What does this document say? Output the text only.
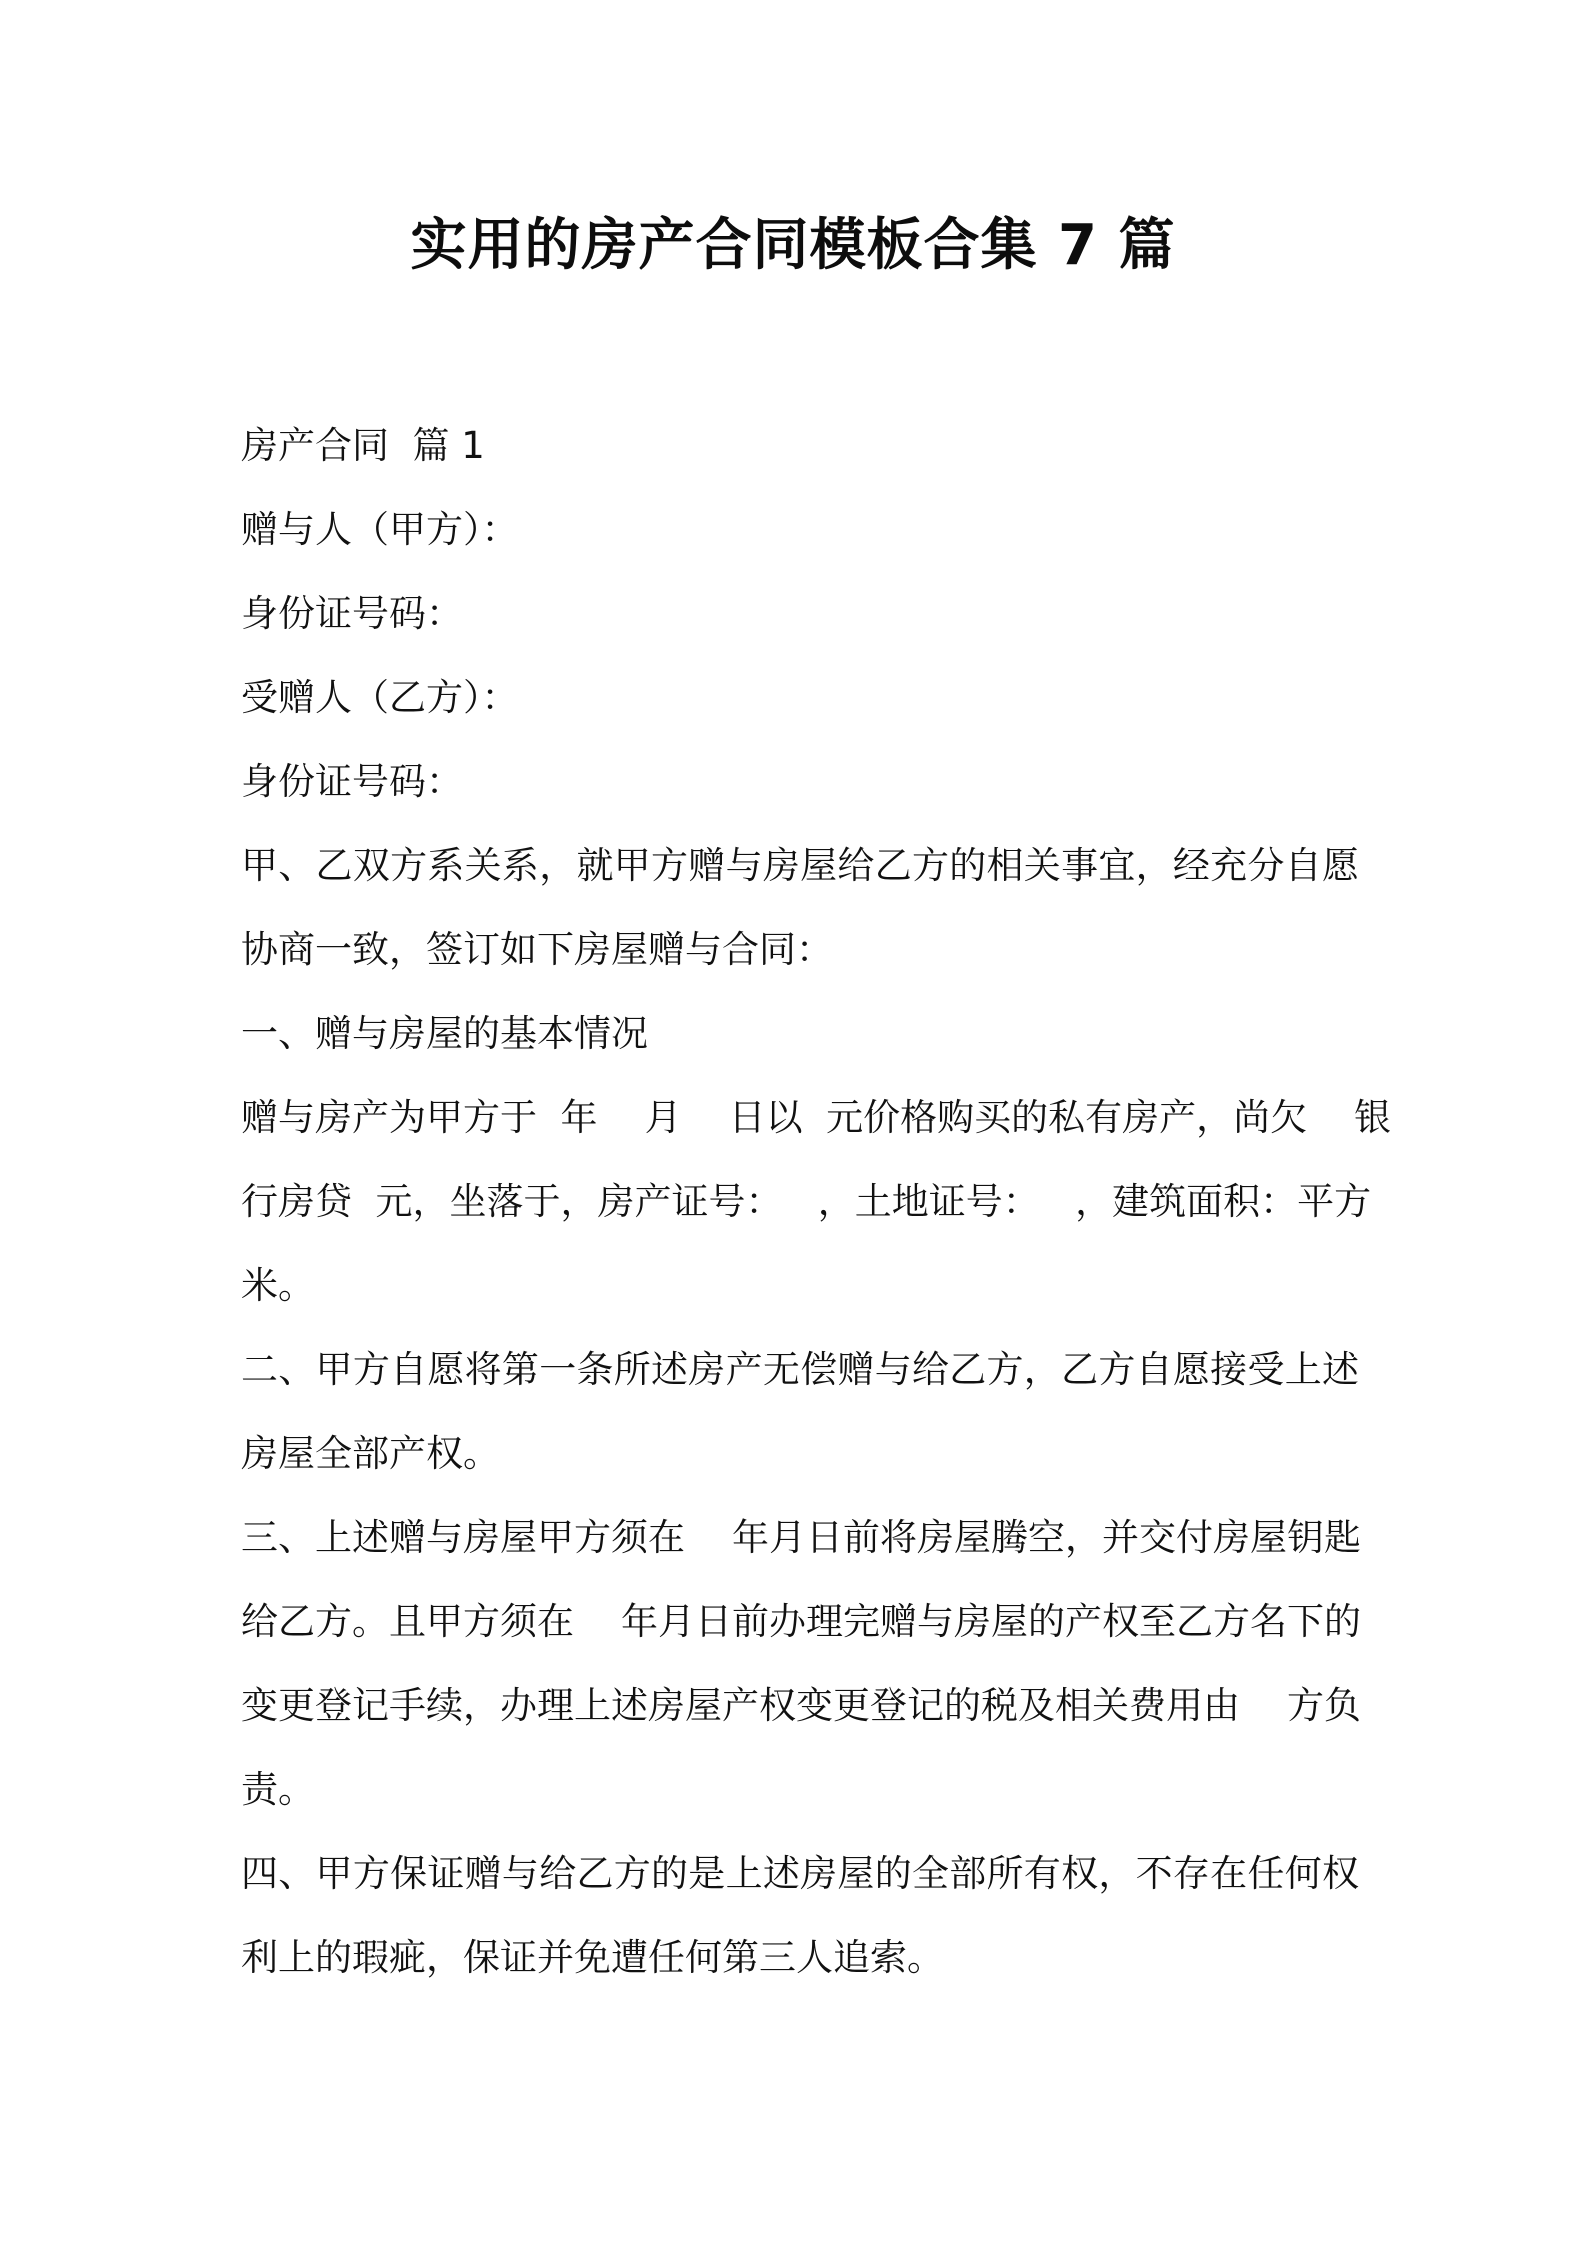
实用的房产合同模板合集 7 篇

房产合同  篇 1

赠与人（甲方）：

身份证号码：

受赠人（乙方）：

身份证号码：

甲、乙双方系关系，就甲方赠与房屋给乙方的相关事宜，经充分自愿

协商一致，签订如下房屋赠与合同：

一、赠与房屋的基本情况

赠与房产为甲方于  年    月    日以  元价格购买的私有房产，尚欠    银

行房贷  元，坐落于，房产证号：   ，土地证号：   ，建筑面积：平方

米。

二、甲方自愿将第一条所述房产无偿赠与给乙方，乙方自愿接受上述

房屋全部产权。

三、上述赠与房屋甲方须在    年月日前将房屋腾空，并交付房屋钥匙

给乙方。且甲方须在    年月日前办理完赠与房屋的产权至乙方名下的

变更登记手续，办理上述房屋产权变更登记的税及相关费用由    方负

责。

四、甲方保证赠与给乙方的是上述房屋的全部所有权，不存在任何权

利上的瑕疵，保证并免遭任何第三人追索。
